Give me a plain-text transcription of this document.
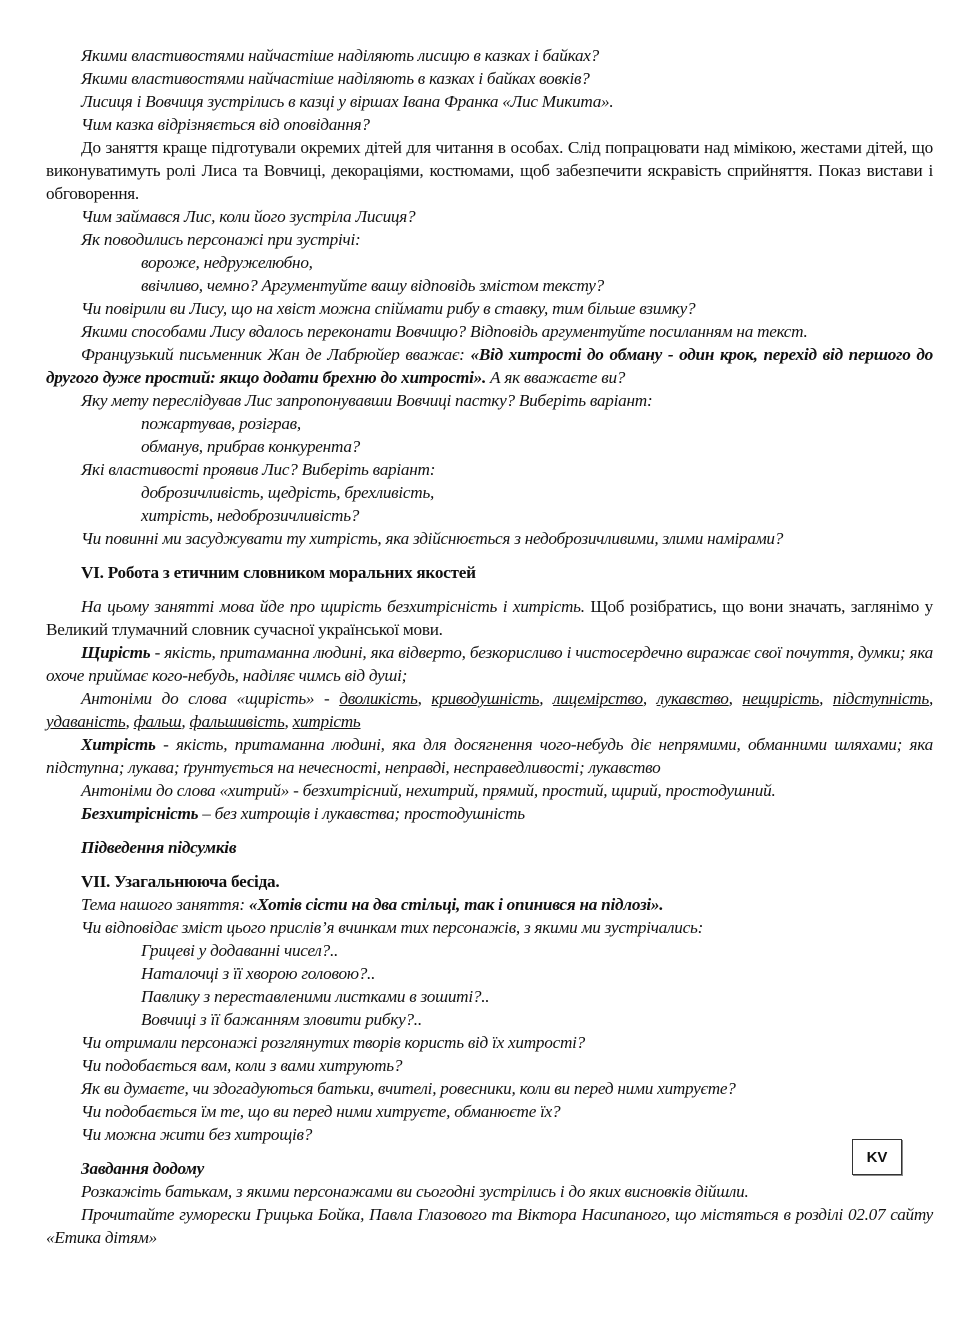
Якими властивостями найчастіше наділяють лисицю в казках і байках?

Якими властивостями найчастіше наділяють в казках і байках вовків?

Лисиця і Вовчиця зустрілись в казці у віршах Івана Франка «Лис Микита».

Чим казка відрізняється від оповідання?

До заняття краще підготували окремих дітей для читання в особах. Слід попрацювати над мімікою, жестами дітей, що виконуватимуть ролі Лиса та Вовчиці, декораціями, костюмами, щоб забезпечити яскравість сприйняття. Показ вистави і обговорення.

Чим займався Лис, коли його зустріла Лисиця?

Як поводились персонажі при зустрічі:

вороже, недружелюбно,

ввічливо, чемно? Аргументуйте вашу відповідь змістом тексту?

Чи повірили ви Лису, що на хвіст можна спіймати рибу в ставку, тим більше взимку?

Якими способами Лису вдалось переконати Вовчицю? Відповідь аргументуйте посиланням на текст.

Французький письменник Жан де Лабрюйер вважає: «Від хитрості до обману - один крок, перехід від першого до другого дуже простий: якщо додати брехню до хитрості». А як вважаєте ви?

Яку мету переслідував Лис запропонувавши Вовчиці пастку? Виберіть варіант:

пожартував, розіграв,

обманув, прибрав конкурента?

Які властивості проявив Лис? Виберіть варіант:

доброзичливість, щедрість, брехливість,

хитрість, недоброзичливість?

Чи повинні ми засуджувати ту хитрість, яка здійснюється з недоброзичливими, злими намірами?

VI. Робота з етичним словником моральних якостей

На цьому занятті мова йде про щирість безхитрісність і хитрість. Щоб розібратись, що вони значать, заглянімо у Великий тлумачний словник сучасної української мови.

Щирість - якість, притаманна людині, яка відверто, безкорисливо і чистосердечно виражає свої почуття, думки; яка охоче приймає кого-небудь, наділяє чимсь від душі;

Антоніми до слова «щирість» - дволикість, криводушність, лицемірство, лукавство, нещирість, підступність, удаваність, фальш, фальшивість, хитрість

Хитрість - якість, притаманна людині, яка для досягнення чого-небудь діє непрямими, обманними шляхами; яка підступна; лукава; ґрунтується на нечесності, неправді, несправедливості; лукавство

Антоніми до слова «хитрий» - безхитрісний, нехитрий, прямий, простий, щирий, простодушний.

Безхитрісність – без хитрощів і лукавства; простодушність

Підведення підсумків

VII. Узагальнююча бесіда.

Тема нашого заняття: «Хотів сісти на два стільці, так і опинився на підлозі».

Чи відповідає зміст цього прислів’я вчинкам тих персонажів, з якими ми зустрічались:

Грицеві у додаванні чисел?..

Наталочці з її хворою головою?..

Павлику з переставленими листками в зошиті?..

Вовчиці з її бажанням зловити рибку?..

Чи отримали персонажі розглянутих творів користь від їх хитрості?

Чи подобається вам, коли з вами хитрують?

Як ви думаєте, чи здогадуються батьки, вчителі, ровесники, коли ви перед ними хитруєте?

Чи подобається їм те, що ви перед ними хитруєте, обманюєте їх?

Чи можна жити без хитрощів?

Завдання додому

Розкажіть батькам, з якими персонажами ви сьогодні зустрілись і до яких висновків дійшли.

Прочитайте гуморески Грицька Бойка, Павла Глазового та Віктора Насипаного, що містяться в розділі 02.07 сайту «Етика дітям»

KV
